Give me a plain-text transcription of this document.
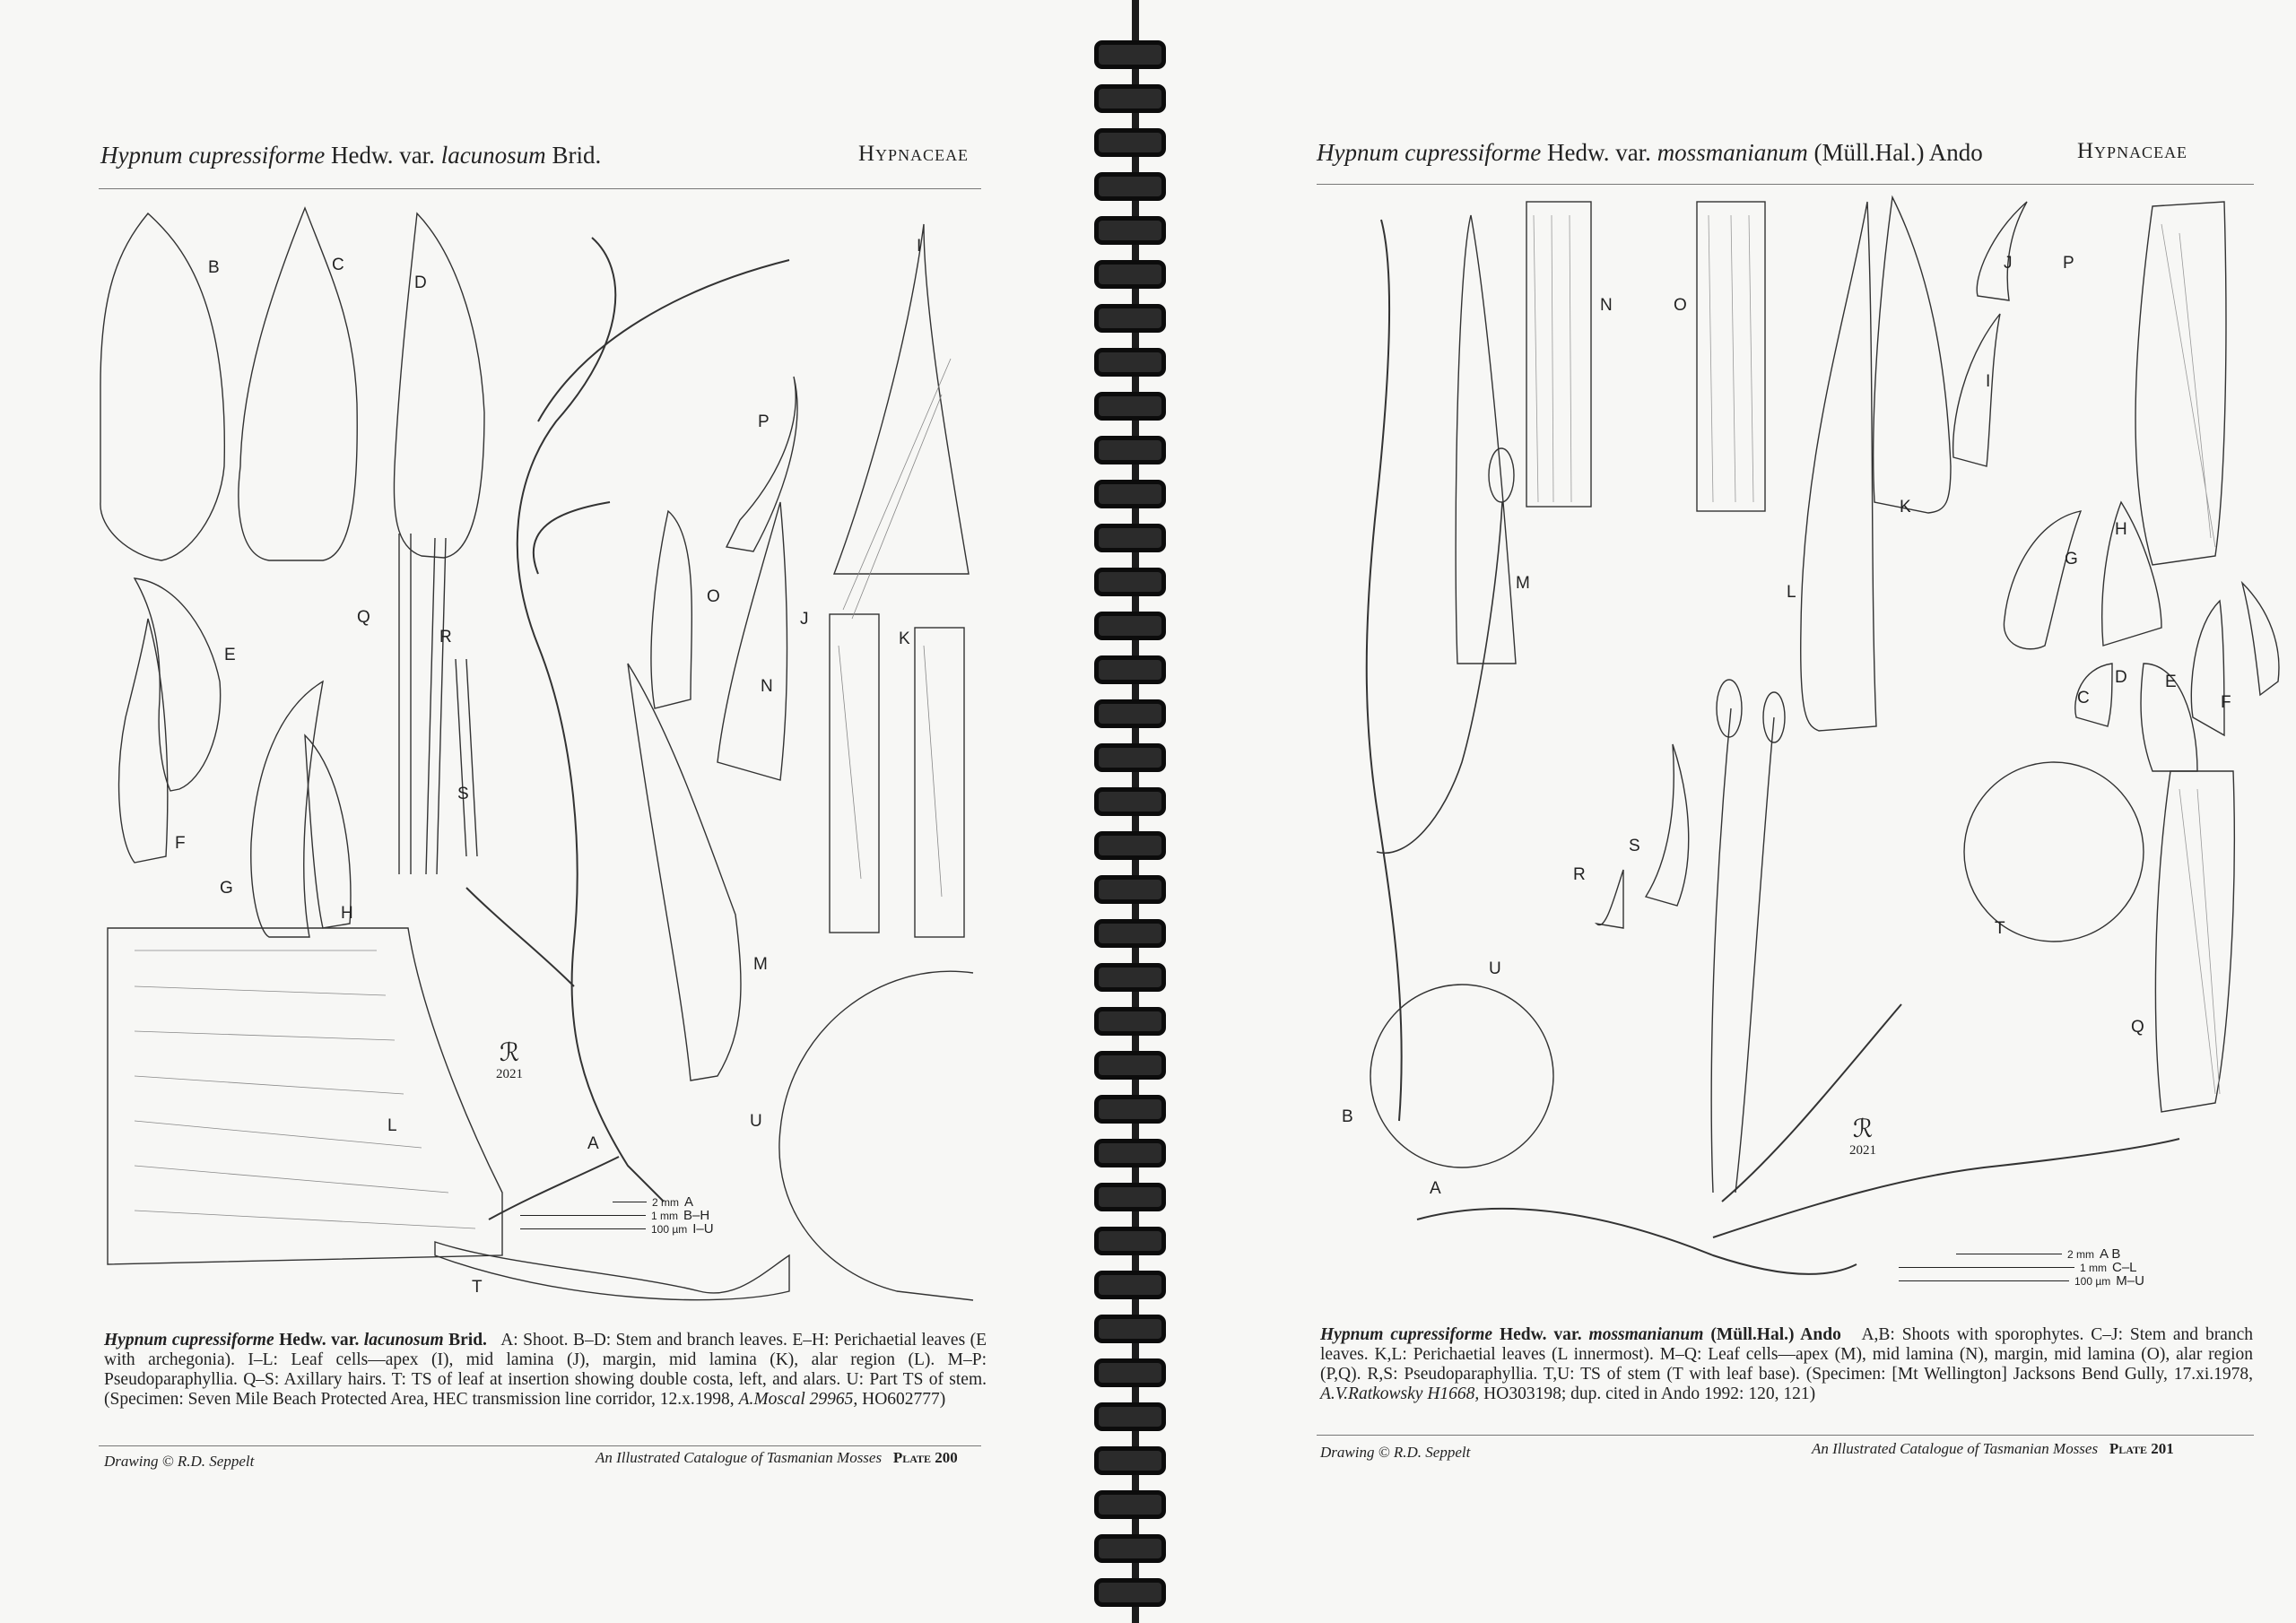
Hypnum cupressiforme Hedw. var. lacunosum Brid.	Hypnaceae
B	C
D
E
F
G
H
I
J
K
L
M
N
O
P
Q
R
S
T
U
A
ℛ
2021
2 mm A
1 mm B–H
100 µm I–U
Hypnum cupressiforme Hedw. var. lacunosum Brid. A: Shoot. B–D: Stem and branch leaves. E–H: Perichaetial leaves (E with archegonia). I–L: Leaf cells—apex (I), mid lamina (J), margin, mid lamina (K), alar region (L). M–P: Pseudoparaphyllia. Q–S: Axillary hairs. T: TS of leaf at insertion showing double costa, left, and alars. U: Part TS of stem. (Specimen: Seven Mile Beach Protected Area, HEC transmission line corridor, 12.x.1998, A.Moscal 29965, HO602777)
Drawing © R.D. Seppelt	An Illustrated Catalogue of Tasmanian Mosses Plate 200
Hypnum cupressiforme Hedw. var. mossmanianum (Müll.Hal.) Ando	Hypnaceae
A
B
C
D E
F
G
H
I
J
K
L
M
N	O
P
Q
R
S
T
U
ℛ
2021
2 mm A B
1 mm C–L
100 µm M–U
Hypnum cupressiforme Hedw. var. mossmanianum (Müll.Hal.) Ando A,B: Shoots with sporophytes. C–J: Stem and branch leaves. K,L: Perichaetial leaves (L innermost). M–Q: Leaf cells—apex (M), mid lamina (N), margin, mid lamina (O), alar region (P,Q). R,S: Pseudoparaphyllia. T,U: TS of stem (T with leaf base). (Specimen: [Mt Wellington] Jacksons Bend Gully, 17.xi.1978, A.V.Ratkowsky H1668, HO303198; dup. cited in Ando 1992: 120, 121)
Drawing © R.D. Seppelt	An Illustrated Catalogue of Tasmanian Mosses Plate 201
